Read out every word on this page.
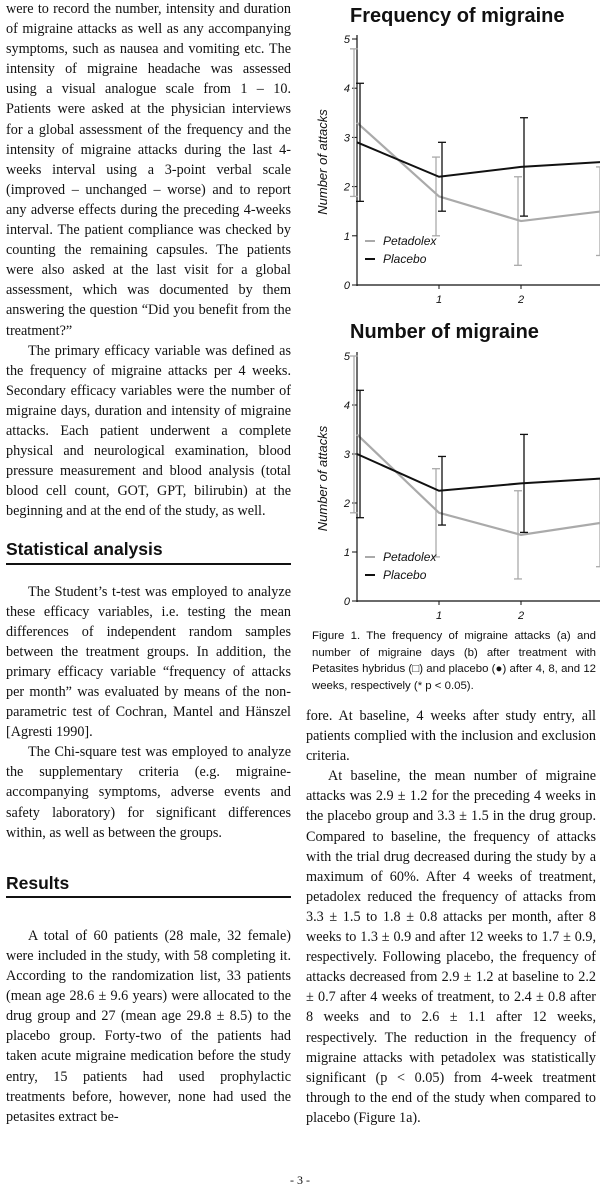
were to record the number, intensity and duration of migraine attacks as well as any accompanying symptoms, such as nausea and vomiting etc. The intensity of migraine headache was assessed using a visual analogue scale from 1 – 10. Patients were asked at the physician interviews for a global assessment of the frequency and the intensity of migraine attacks during the last 4-weeks interval using a 3-point verbal scale (improved – unchanged – worse) and to report any adverse effects during the preceding 4-weeks interval. The patient compliance was checked by counting the remaining capsules. The patients were also asked at the last visit for a global assessment, which was documented by them answering the question “Did you benefit from the treatment?”

The primary efficacy variable was defined as the frequency of migraine attacks per 4 weeks. Secondary efficacy variables were the number of migraine days, duration and intensity of migraine attacks. Each patient underwent a complete physical and neurological examination, blood pressure measurement and blood analysis (total blood cell count, GOT, GPT, bilirubin) at the beginning and at the end of the study, as well.

Statistical analysis

The Student’s t-test was employed to analyze these efficacy variables, i.e. testing the mean differences of independent random samples between the treatment groups. In addition, the primary efficacy variable “frequency of attacks per month” was evaluated by means of the non-parametric test of Cochran, Mantel and Hänszel [Agresti 1990].

The Chi-square test was employed to analyze the supplementary criteria (e.g. migraine-accompanying symptoms, adverse events and safety laboratory) for significant differences within, as well as between the groups.

Results

A total of 60 patients (28 male, 32 female) were included in the study, with 58 completing it. According to the randomization list, 33 patients (mean age 28.6 ± 9.6 years) were allocated to the drug group and 27 (mean age 29.8 ± 8.5) to the placebo group. Forty-two of the patients had taken acute migraine medication before the study entry, 15 patients had used prophylactic treatments before, however, none had used the petasites extract be-

Frequency of migraine
0
1
2
3
4
5
Number of attacks
1	2
Petadolex
Placebo
Number of migraine
0
1
2
3
4
5
Number of attacks
1	2
Petadolex
Placebo
Figure 1. The frequency of migraine attacks (a) and number of migraine days (b) after treatment with Petasites hybridus (□) and placebo (●) after 4, 8, and 12 weeks, respectively (* p < 0.05).

fore. At baseline, 4 weeks after study entry, all patients complied with the inclusion and exclusion criteria.

At baseline, the mean number of migraine attacks was 2.9 ± 1.2 for the preceding 4 weeks in the placebo group and 3.3 ± 1.5 in the drug group. Compared to baseline, the frequency of attacks with the trial drug decreased during the study by a maximum of 60%. After 4 weeks of treatment, petadolex reduced the frequency of attacks from 3.3 ± 1.5 to 1.8 ± 0.8 attacks per month, after 8 weeks to 1.3 ± 0.9 and after 12 weeks to 1.7 ± 0.9, respectively. Following placebo, the frequency of attacks decreased from 2.9 ± 1.2 at baseline to 2.2 ± 0.7 after 4 weeks of treatment, to 2.4 ± 0.8 after 8 weeks and to 2.6 ± 1.1 after 12 weeks, respectively. The reduction in the frequency of migraine attacks with petadolex was statistically significant (p < 0.05) from 4-week treatment through to the end of the study when compared to placebo (Figure 1a).

- 3 -
